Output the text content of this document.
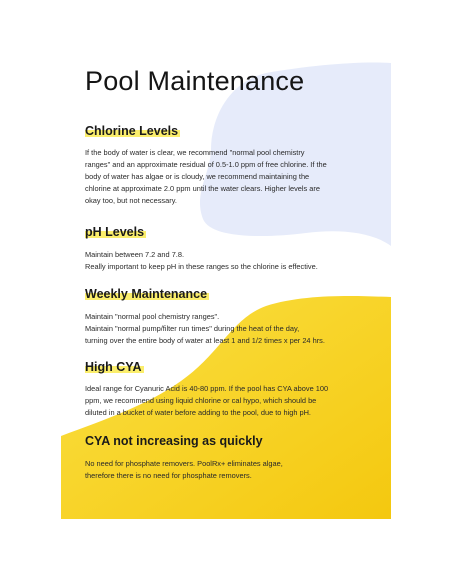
Pool Maintenance
Chlorine Levels

If the body of water is clear, we recommend "normal pool chemistry
ranges" and an approximate residual of 0.5-1.0 ppm of free chlorine. If the
body of water has algae or is cloudy, we recommend maintaining the
chlorine at approximate 2.0 ppm until the water clears. Higher levels are
okay too, but not necessary.

pH Levels

Maintain between 7.2 and 7.8.
Really important to keep pH in these ranges so the chlorine is effective.

Weekly Maintenance

Maintain "normal pool chemistry ranges".
Maintain "normal pump/filter run times" during the heat of the day,
turning over the entire body of water at least 1 and 1/2 times x per 24 hrs.

High CYA

Ideal range for Cyanuric Acid is 40-80 ppm. If the pool has CYA above 100
ppm, we recommend using liquid chlorine or cal hypo, which should be
diluted in a bucket of water before adding to the pool, due to high pH.

CYA not increasing as quickly

No need for phosphate removers. PoolRx+ eliminates algae,
therefore there is no need for phosphate removers.
